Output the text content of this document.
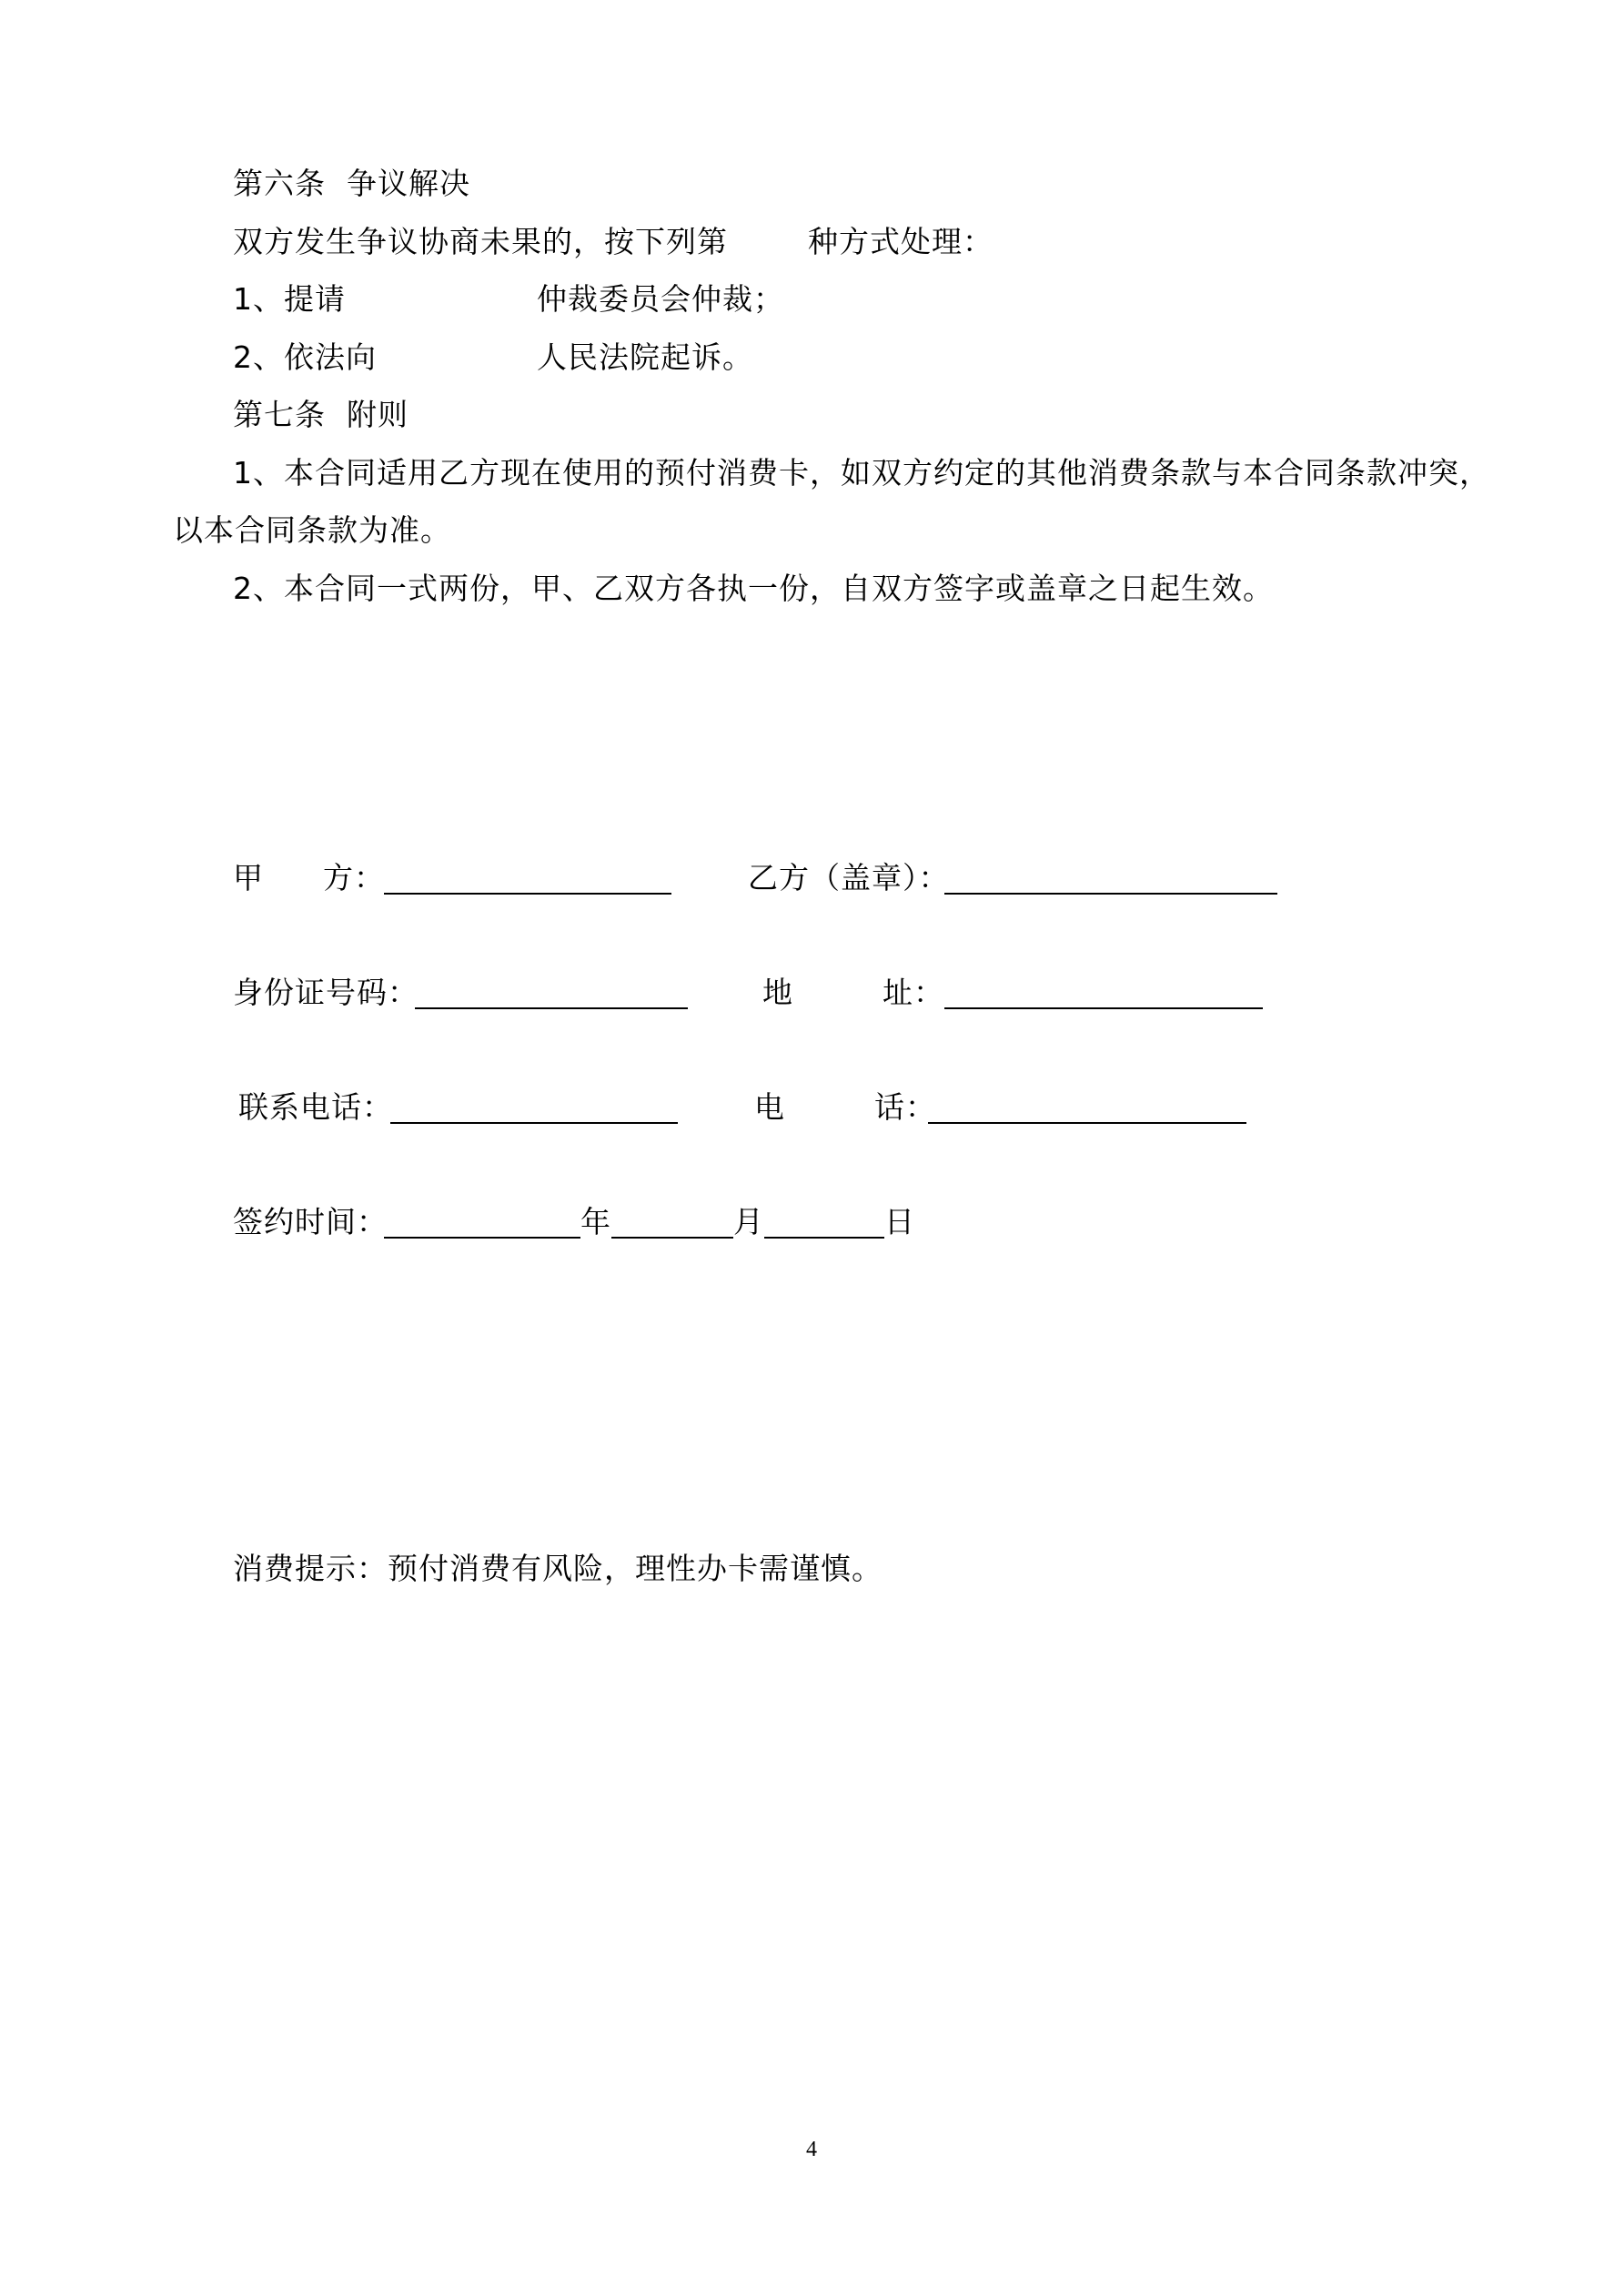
第六条  争议解决
双方发生争议协商未果的，按下列第	种方式处理：
1、提请	仲裁委员会仲裁；
2、依法向	人民法院起诉。
第七条  附则
1、本合同适用乙方现在使用的预付消费卡，如双方约定的其他消费条款与本合同条款冲突，
以本合同条款为准。
2、本合同一式两份，甲、乙双方各执一份，自双方签字或盖章之日起生效。
甲 方：	乙方（盖章）：
身份证号码：	地	址：
联系电话：	电	话：
签约时间：	年	月	日
消费提示：预付消费有风险，理性办卡需谨慎。
4
